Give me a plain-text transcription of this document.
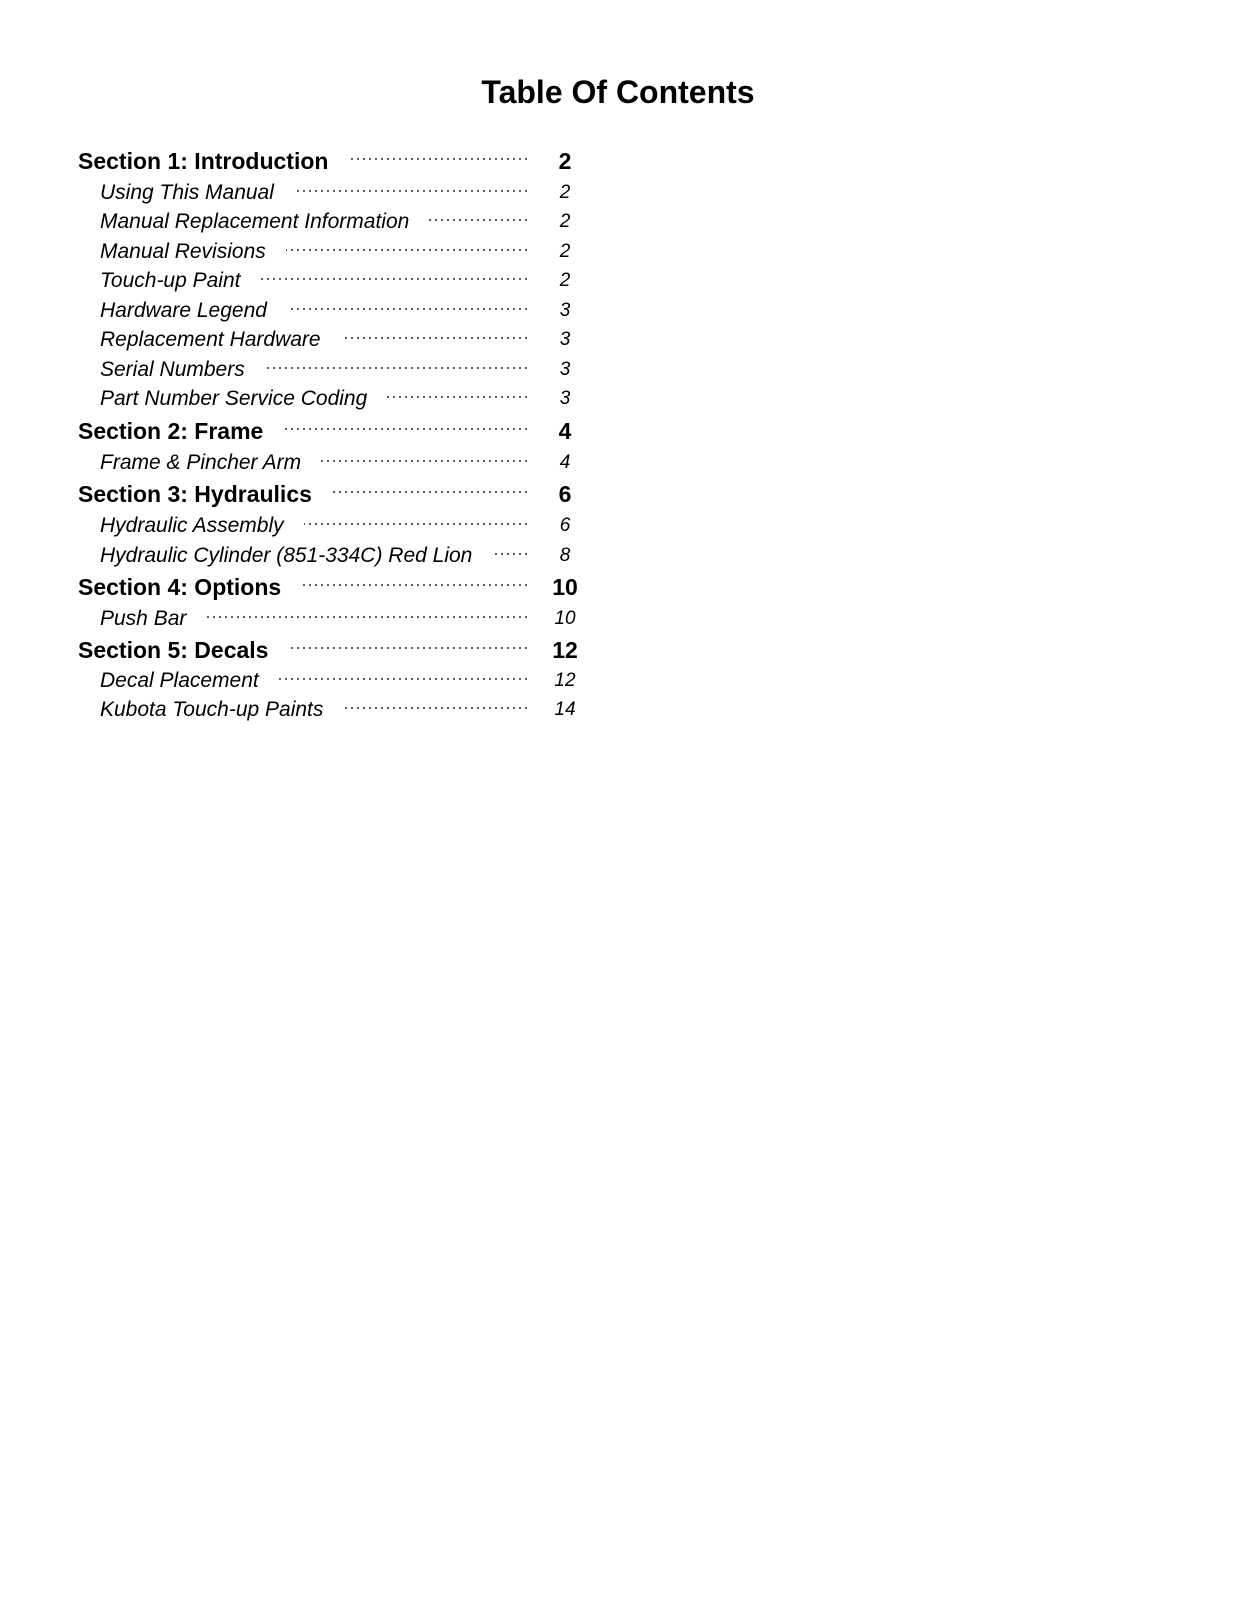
Table Of Contents
Section 1: Introduction	2
Using This Manual	2
Manual Replacement Information	2
Manual Revisions	2
Touch-up Paint	2
Hardware Legend	3
Replacement Hardware	3
Serial Numbers	3
Part Number Service Coding	3
Section 2: Frame	4
Frame & Pincher Arm	4
Section 3: Hydraulics	6
Hydraulic Assembly	6
Hydraulic Cylinder (851-334C) Red Lion	8
Section 4: Options	10
Push Bar	10
Section 5: Decals	12
Decal Placement	12
Kubota Touch-up Paints	14
